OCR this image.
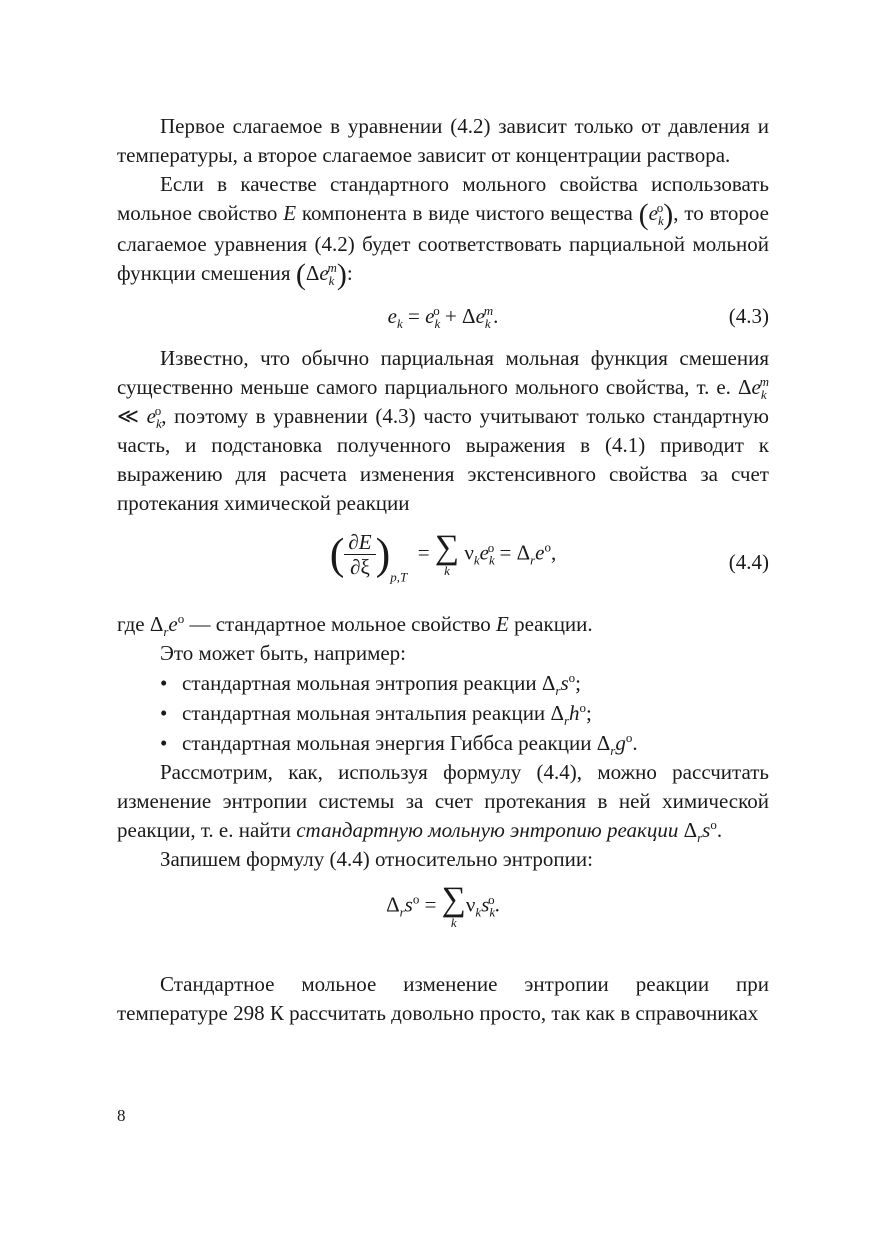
Первое слагаемое в уравнении (4.2) зависит только от давления и температуры, а второе слагаемое зависит от концентрации раствора.

Если в качестве стандартного мольного свойства использовать мольное свойство E компонента в виде чистого вещества $(e_k^o)$, то второе слагаемое уравнения (4.2) будет соответствовать парциальной мольной функции смешения $(\Delta e_k^m)$:

$e_k = e_k^o + \Delta e_k^m$.	(4.3)

Известно, что обычно парциальная мольная функция смешения существенно меньше самого парциального мольного свойства, т. е. $\Delta e_k^m$ ≪ $e_k^o$, поэтому в уравнении (4.3) часто учитывают только стандартную часть, и подстановка полученного выражения в (4.1) приводит к выражению для расчета изменения экстенсивного свойства за счет протекания химической реакции

( $\frac{\partial E}{\partial\xi} )_{p,T}$  = ∑
k
$\nu_ke_k^o = \Delta_re^o$,	(4.4)

где $\Delta_re^o$ — стандартное мольное свойство E реакции.

Это может быть, например:

• стандартная мольная энтропия реакции $\Delta_rs^o$;
• стандартная мольная энтальпия реакции $\Delta_rh^o$;
• стандартная мольная энергия Гиббса реакции $\Delta_rg^o$.

Рассмотрим, как, используя формулу (4.4), можно рассчитать изменение энтропии системы за счет протекания в ней химической реакции, т. е. найти стандартную мольную энтропию реакции $\Delta_rs^o$.

Запишем формулу (4.4) относительно энтропии:

$\Delta_rs^o$ = ∑
k
$\nu_ks_k^o$.

Стандартное мольное изменение энтропии реакции при температуре 298 К рассчитать довольно просто, так как в справочниках

8
